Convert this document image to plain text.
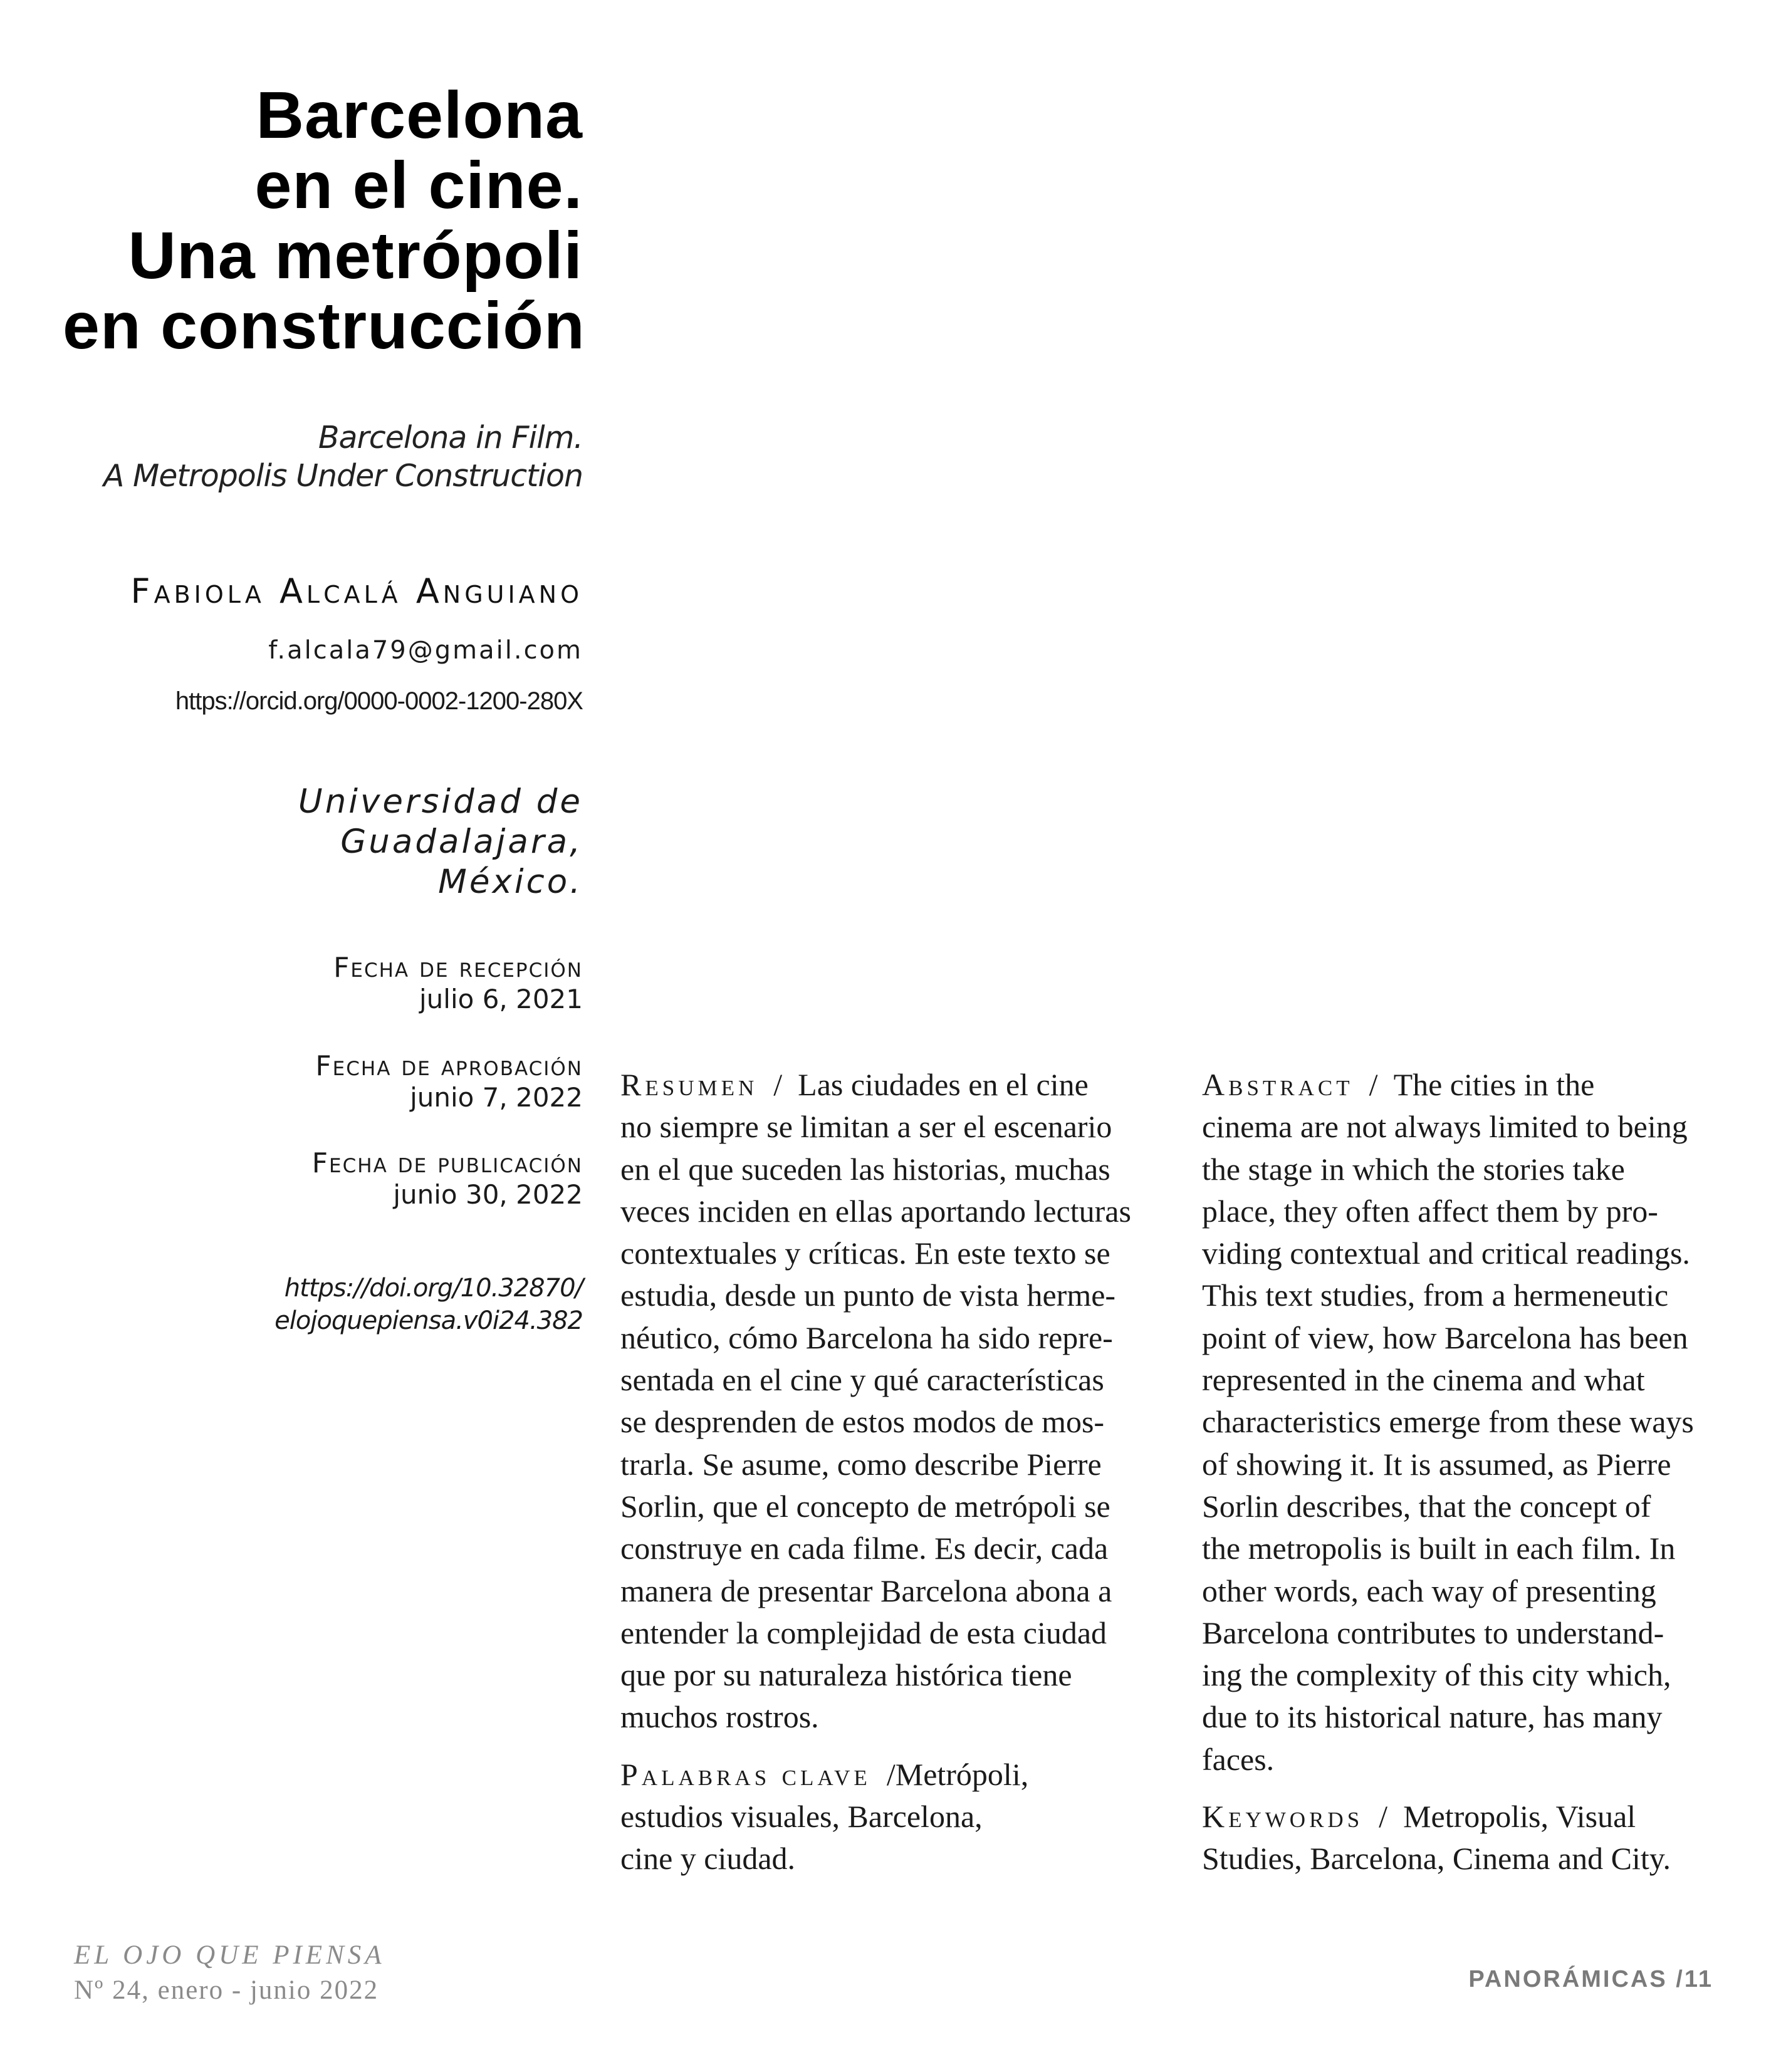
Barcelona
en el cine.
Una metrópoli
en construcción
Barcelona in Film.
A Metropolis Under Construction
Fabiola Alcalá Anguiano
f.alcala79@gmail.com
https://orcid.org/0000-0002-1200-280X
Universidad de Guadalajara,
México.
Fecha de recepción
julio 6, 2021
Fecha de aprobación
junio 7, 2022
Fecha de publicación
junio 30, 2022
https://doi.org/10.32870/
elojoquepiensa.v0i24.382

Resumen / Las ciudades en el cine
no siempre se limitan a ser el escenario
en el que suceden las historias, muchas
veces inciden en ellas aportando lecturas
contextuales y críticas. En este texto se
estudia, desde un punto de vista herme-
néutico, cómo Barcelona ha sido repre-
sentada en el cine y qué características
se desprenden de estos modos de mos-
trarla. Se asume, como describe Pierre
Sorlin, que el concepto de metrópoli se
construye en cada filme. Es decir, cada
manera de presentar Barcelona abona a
entender la complejidad de esta ciudad
que por su naturaleza histórica tiene
muchos rostros.

Palabras clave /Metrópoli,
estudios visuales, Barcelona,
cine y ciudad.

Abstract / The cities in the
cinema are not always limited to being
the stage in which the stories take
place, they often affect them by pro-
viding contextual and critical readings.
This text studies, from a hermeneutic
point of view, how Barcelona has been
represented in the cinema and what
characteristics emerge from these ways
of showing it. It is assumed, as Pierre
Sorlin describes, that the concept of
the metropolis is built in each film. In
other words, each way of presenting
Barcelona contributes to understand-
ing the complexity of this city which,
due to its historical nature, has many
faces.

Keywords / Metropolis, Visual
Studies, Barcelona, Cinema and City.

EL OJO QUE PIENSA
Nº 24, enero - junio 2022	PANORÁMICAS /11
